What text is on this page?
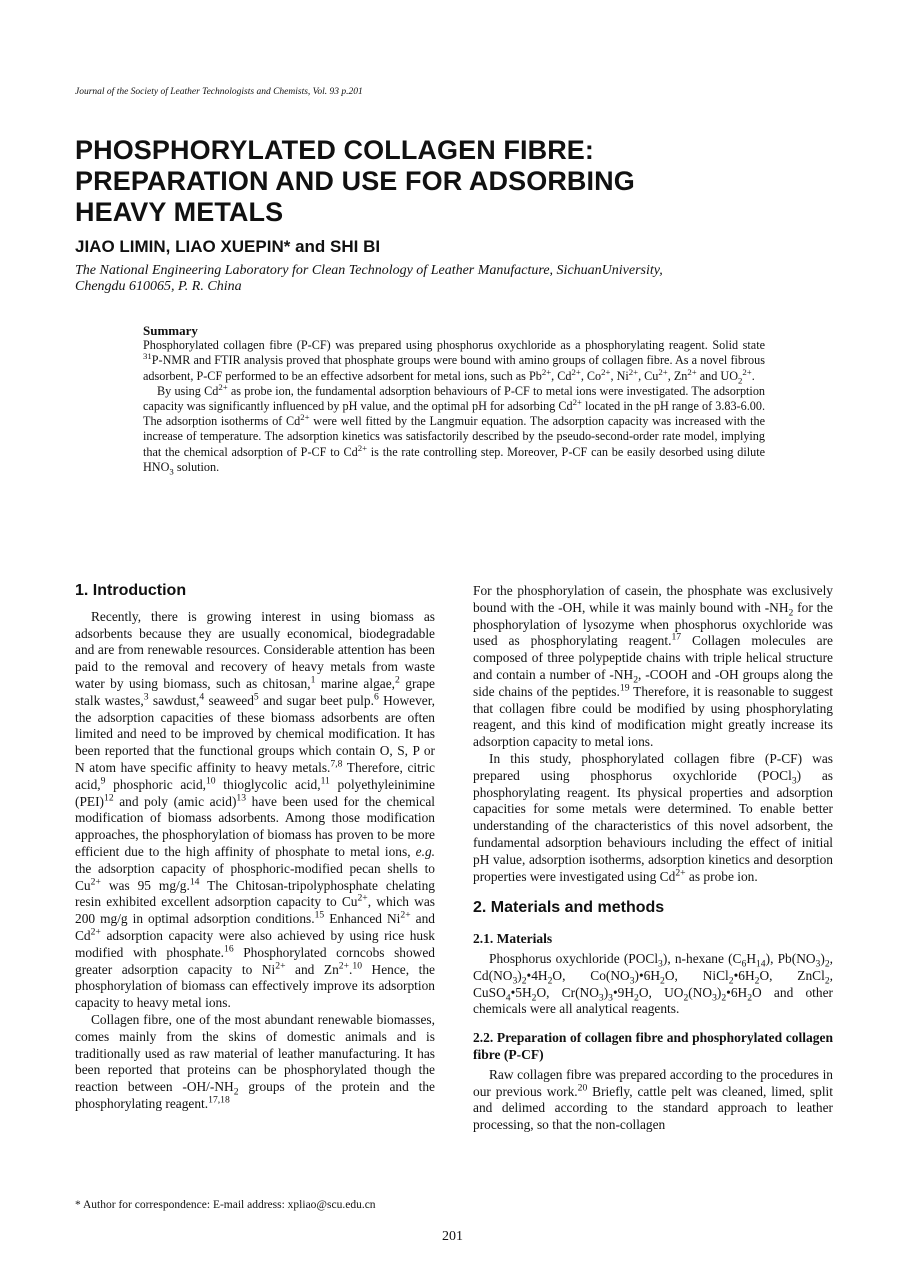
Journal of the Society of Leather Technologists and Chemists, Vol. 93 p.201
PHOSPHORYLATED COLLAGEN FIBRE:
PREPARATION AND USE FOR ADSORBING
HEAVY METALS
JIAO LIMIN, LIAO XUEPIN* and SHI BI
The National Engineering Laboratory for Clean Technology of Leather Manufacture, SichuanUniversity,
Chengdu 610065, P. R. China
Summary
Phosphorylated collagen fibre (P-CF) was prepared using phosphorus oxychloride as a phosphorylating reagent. Solid state $^{31}$P-NMR and FTIR analysis proved that phosphate groups were bound with amino groups of collagen fibre. As a novel fibrous adsorbent, P-CF performed to be an effective adsorbent for metal ions, such as $Pb^{2+}$, $Cd^{2+}$, $Co^{2+}$, $Ni^{2+}$, $Cu^{2+}$, $Zn^{2+}$ and $UO_2^{2+}$.
By using $Cd^{2+}$ as probe ion, the fundamental adsorption behaviours of P-CF to metal ions were investigated. The adsorption capacity was significantly influenced by pH value, and the optimal pH for adsorbing $Cd^{2+}$ located in the pH range of 3.83-6.00. The adsorption isotherms of $Cd^{2+}$ were well fitted by the Langmuir equation. The adsorption capacity was increased with the increase of temperature. The adsorption kinetics was satisfactorily described by the pseudo-second-order rate model, implying that the chemical adsorption of P-CF to $Cd^{2+}$ is the rate controlling step. Moreover, P-CF can be easily desorbed using dilute $HNO_3$ solution.
1. Introduction

Recently, there is growing interest in using biomass as adsorbents because they are usually economical, biodegradable and are from renewable resources. Considerable attention has been paid to the removal and recovery of heavy metals from waste water by using biomass, such as chitosan,$^1$ marine algae,$^2$ grape stalk wastes,$^3$ sawdust,$^4$ seaweed$^5$ and sugar beet pulp.$^6$ However, the adsorption capacities of these biomass adsorbents are often limited and need to be improved by chemical modification. It has been reported that the functional groups which contain O, S, P or N atom have specific affinity to heavy metals.$^{7,8}$ Therefore, citric acid,$^9$ phosphoric acid,$^{10}$ thioglycolic acid,$^{11}$ polyethyleinimine (PEI)$^{12}$ and poly (amic acid)$^{13}$ have been used for the chemical modification of biomass adsorbents. Among those modification approaches, the phosphorylation of biomass has proven to be more efficient due to the high affinity of phosphate to metal ions, e.g. the adsorption capacity of phosphoric-modified pecan shells to $Cu^{2+}$ was 95 mg/g.$^{14}$ The Chitosan-tripolyphosphate chelating resin exhibited excellent adsorption capacity to $Cu^{2+}$, which was 200 mg/g in optimal adsorption conditions.$^{15}$ Enhanced $Ni^{2+}$ and $Cd^{2+}$ adsorption capacity were also achieved by using rice husk modified with phosphate.$^{16}$ Phosphorylated corncobs showed greater adsorption capacity to $Ni^{2+}$ and $Zn^{2+}.^{10}$ Hence, the phosphorylation of biomass can effectively improve its adsorption capacity to heavy metal ions.

Collagen fibre, one of the most abundant renewable biomasses, comes mainly from the skins of domestic animals and is traditionally used as raw material of leather manufacturing. It has been reported that proteins can be phosphorylated though the reaction between $-OH/-NH_2$ groups of the protein and the phosphorylating reagent.$^{17,18}$

For the phosphorylation of casein, the phosphate was exclusively bound with the -OH, while it was mainly bound with $-NH_2$ for the phosphorylation of lysozyme when phosphorus oxychloride was used as phosphorylating reagent.$^{17}$ Collagen molecules are composed of three polypeptide chains with triple helical structure and contain a number of $-NH_2$, -COOH and -OH groups along the side chains of the peptides.$^{19}$ Therefore, it is reasonable to suggest that collagen fibre could be modified by using phosphorylating reagent, and this kind of modification might greatly increase its adsorption capacity to metal ions.

In this study, phosphorylated collagen fibre (P-CF) was prepared using phosphorus oxychloride (POCl$_3$) as phosphorylating reagent. Its physical properties and adsorption capacities for some metals were determined. To enable better understanding of the characteristics of this novel adsorbent, the fundamental adsorption behaviours including the effect of initial pH value, adsorption isotherms, adsorption kinetics and desorption properties were investigated using $Cd^{2+}$ as probe ion.

2. Materials and methods
2.1. Materials

Phosphorus oxychloride (POCl$_3$), n-hexane $(C_6H_{14})$, $Pb(NO_3)_2$, $Cd(NO_3)_2•4H_2O$, $Co(NO_3)•6H_2O$, $NiCl_2•6H_2O$, ZnCl$_2$, $CuSO_4•5H_2O$, $Cr(NO_3)_3•9H_2O$, $UO_2(NO_3)_2•6H_2O$ and other chemicals were all analytical reagents.

2.2. Preparation of collagen fibre and phosphorylated collagen fibre (P-CF)

Raw collagen fibre was prepared according to the procedures in our previous work.$^{20}$ Briefly, cattle pelt was cleaned, limed, split and delimed according to the standard approach to leather processing, so that the non-collagen

* Author for correspondence: E-mail address: xpliao@scu.edu.cn
201
